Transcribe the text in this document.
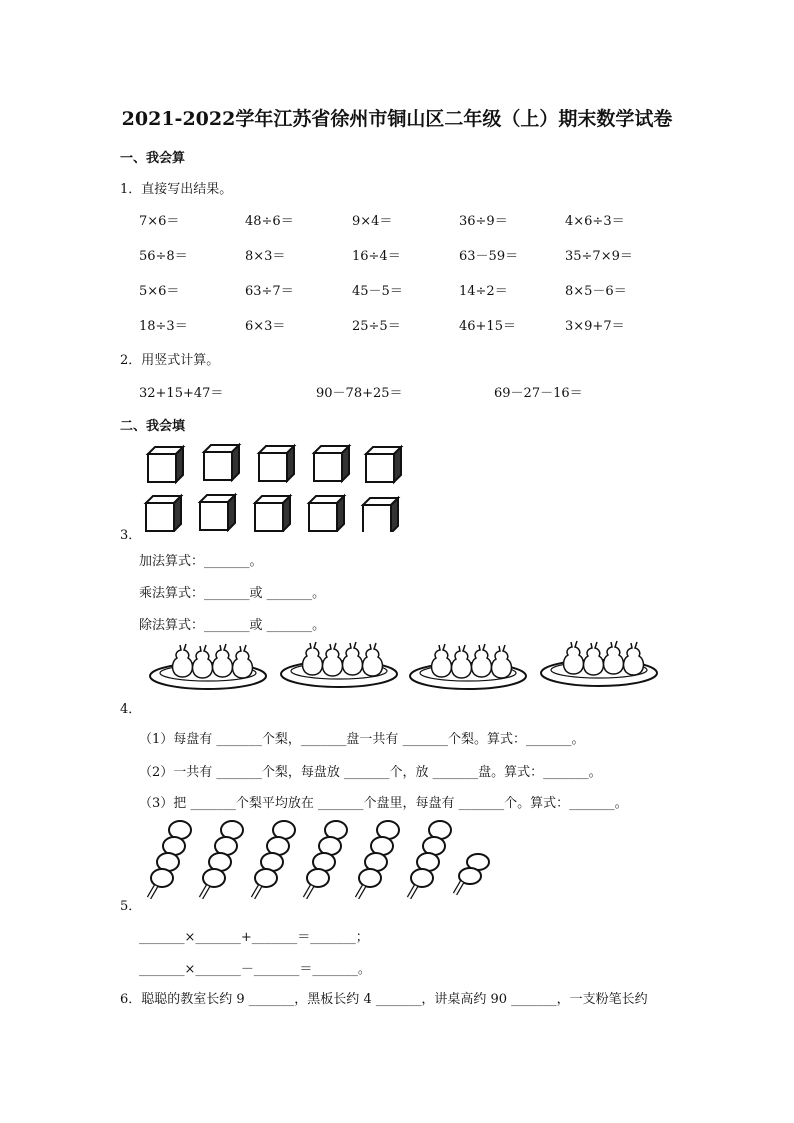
2021-2022学年江苏省徐州市铜山区二年级（上）期末数学试卷
一、我会算
1．直接写出结果。
7×6＝	48÷6＝	9×4＝	36÷9＝	4×6÷3＝
56÷8＝	8×3＝	16÷4＝	63－59＝	35÷7×9＝
5×6＝	63÷7＝	45－5＝	14÷2＝	8×5－6＝
18÷3＝	6×3＝	25÷5＝	46+15＝	3×9+7＝
2．用竖式计算。
32+15+47＝	90－78+25＝	69－27－16＝
二、我会填
3．
加法算式：_______。
乘法算式：_______或 _______。
除法算式：_______或 _______。
4．
（1）每盘有 _______个梨，_______盘一共有 _______个梨。算式：_______。
（2）一共有 _______个梨，每盘放 _______个，放 _______盘。算式：_______。
（3）把 _______个梨平均放在 _______个盘里，每盘有 _______个。算式：_______。
5．
_______×_______+_______＝_______；
_______×_______－_______＝_______。
6．聪聪的教室长约 9 _______，黑板长约 4 _______，讲桌高约 90 _______，一支粉笔长约
